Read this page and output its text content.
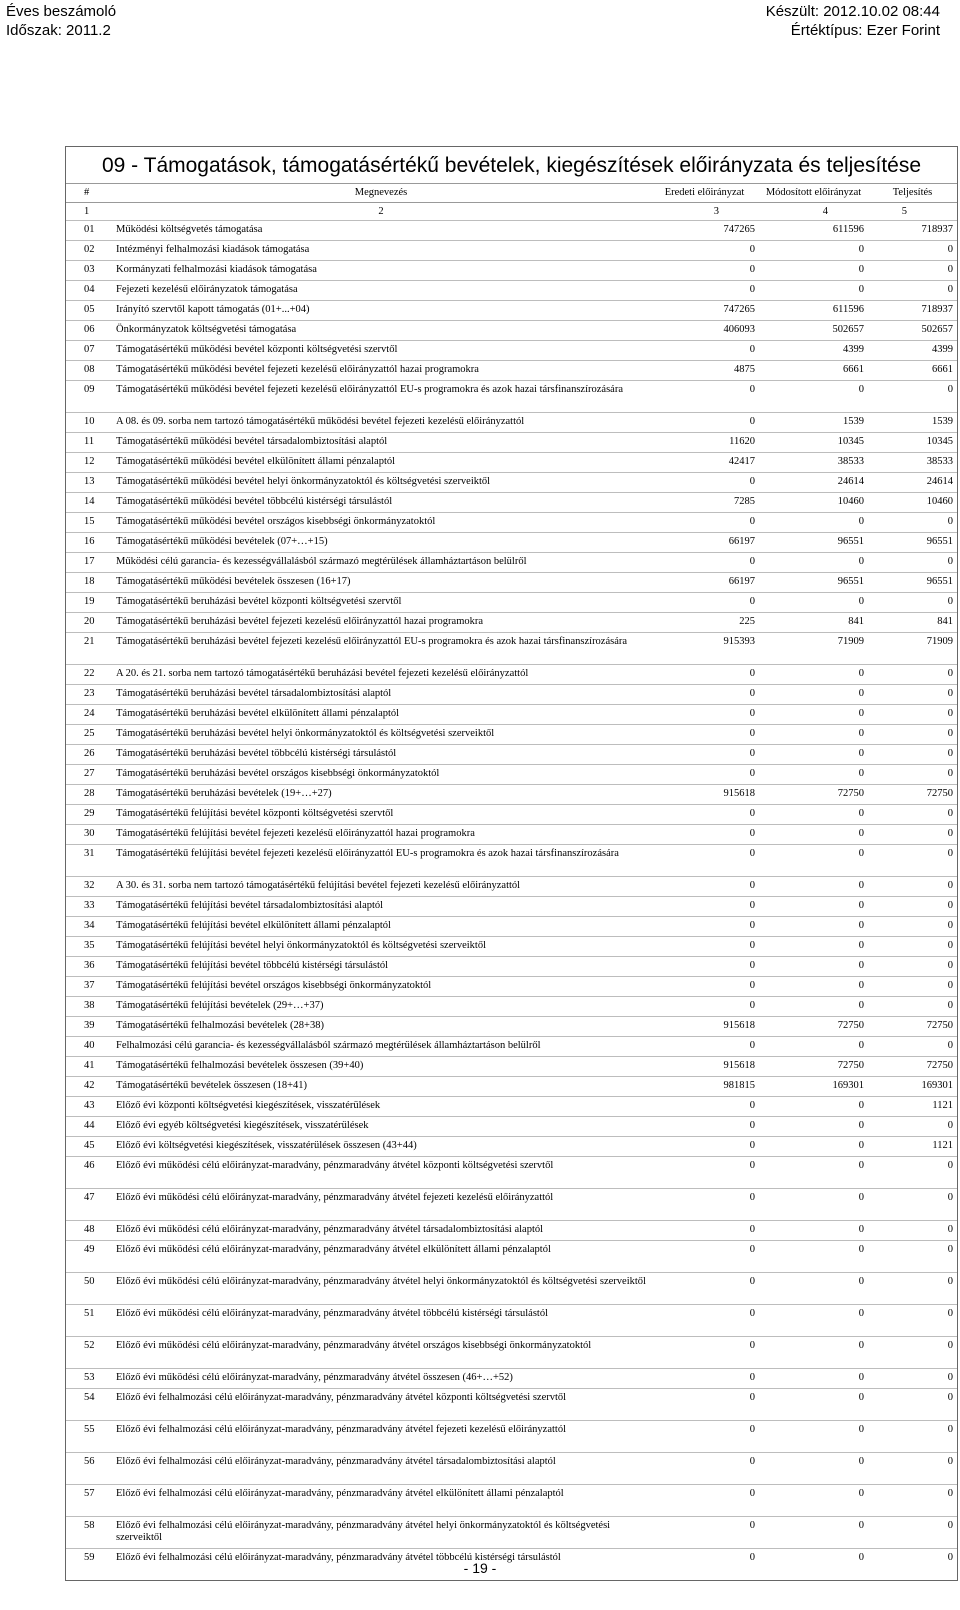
Éves beszámoló
Időszak: 2011.2
Készült: 2012.10.02 08:44
Értéktípus: Ezer Forint
09 - Támogatások, támogatásértékű bevételek, kiegészítések előirányzata és teljesítése
#	Megnevezés	Eredeti előirányzat	Módosított előirányzat	Teljesítés
1	2	3	4	5
01	Működési költségvetés támogatása	747265	611596	718937
02	Intézményi felhalmozási kiadások támogatása	0	0	0
03	Kormányzati felhalmozási kiadások támogatása	0	0	0
04	Fejezeti kezelésű előirányzatok támogatása	0	0	0
05	Irányító szervtől kapott támogatás (01+...+04)	747265	611596	718937
06	Önkormányzatok költségvetési támogatása	406093	502657	502657
07	Támogatásértékű működési bevétel központi költségvetési szervtől	0	4399	4399
08	Támogatásértékű működési bevétel fejezeti kezelésű előirányzattól hazai programokra	4875	6661	6661
09	Támogatásértékű működési bevétel fejezeti kezelésű előirányzattól EU-s programokra és azok hazai társfinanszírozására	0	0	0
10	A 08. és 09. sorba nem tartozó támogatásértékű működési bevétel fejezeti kezelésű előirányzattól	0	1539	1539
11	Támogatásértékű működési bevétel társadalombiztosítási alaptól	11620	10345	10345
12	Támogatásértékű működési bevétel elkülönített állami pénzalaptól	42417	38533	38533
13	Támogatásértékű működési bevétel helyi önkormányzatoktól és költségvetési szerveiktől	0	24614	24614
14	Támogatásértékű működési bevétel többcélú kistérségi társulástól	7285	10460	10460
15	Támogatásértékű működési bevétel országos kisebbségi önkormányzatoktól	0	0	0
16	Támogatásértékű működési bevételek (07+…+15)	66197	96551	96551
17	Működési célú garancia- és kezességvállalásból származó megtérülések államháztartáson belülről	0	0	0
18	Támogatásértékű működési bevételek összesen (16+17)	66197	96551	96551
19	Támogatásértékű beruházási bevétel központi költségvetési szervtől	0	0	0
20	Támogatásértékű beruházási bevétel fejezeti kezelésű előirányzattól hazai programokra	225	841	841
21	Támogatásértékű beruházási bevétel fejezeti kezelésű előirányzattól EU-s programokra és azok hazai társfinanszírozására	915393	71909	71909
22	A 20. és 21. sorba nem tartozó támogatásértékű beruházási bevétel fejezeti kezelésű előirányzattól	0	0	0
23	Támogatásértékű beruházási bevétel társadalombiztosítási alaptól	0	0	0
24	Támogatásértékű beruházási bevétel elkülönített állami pénzalaptól	0	0	0
25	Támogatásértékű beruházási bevétel helyi önkormányzatoktól és költségvetési szerveiktől	0	0	0
26	Támogatásértékű beruházási bevétel többcélú kistérségi társulástól	0	0	0
27	Támogatásértékű beruházási bevétel országos kisebbségi önkormányzatoktól	0	0	0
28	Támogatásértékű beruházási bevételek (19+…+27)	915618	72750	72750
29	Támogatásértékű felújítási bevétel központi költségvetési szervtől	0	0	0
30	Támogatásértékű felújítási bevétel fejezeti kezelésű előirányzattól hazai programokra	0	0	0
31	Támogatásértékű felújítási bevétel fejezeti kezelésű előirányzattól EU-s programokra és azok hazai társfinanszírozására	0	0	0
32	A 30. és 31. sorba nem tartozó támogatásértékű felújítási bevétel fejezeti kezelésű előirányzattól	0	0	0
33	Támogatásértékű felújítási bevétel társadalombiztosítási alaptól	0	0	0
34	Támogatásértékű felújítási bevétel elkülönített állami pénzalaptól	0	0	0
35	Támogatásértékű felújítási bevétel helyi önkormányzatoktól és költségvetési szerveiktől	0	0	0
36	Támogatásértékű felújítási bevétel többcélú kistérségi társulástól	0	0	0
37	Támogatásértékű felújítási bevétel országos kisebbségi önkormányzatoktól	0	0	0
38	Támogatásértékű felújítási bevételek (29+…+37)	0	0	0
39	Támogatásértékű felhalmozási bevételek (28+38)	915618	72750	72750
40	Felhalmozási célú garancia- és kezességvállalásból származó megtérülések államháztartáson belülről	0	0	0
41	Támogatásértékű felhalmozási bevételek összesen (39+40)	915618	72750	72750
42	Támogatásértékű bevételek összesen (18+41)	981815	169301	169301
43	Előző évi központi költségvetési kiegészítések, visszatérülések	0	0	1121
44	Előző évi egyéb költségvetési kiegészítések, visszatérülések	0	0	0
45	Előző évi költségvetési kiegészítések, visszatérülések összesen (43+44)	0	0	1121
46	Előző évi működési célú előirányzat-maradvány, pénzmaradvány átvétel központi költségvetési szervtől	0	0	0
47	Előző évi működési célú előirányzat-maradvány, pénzmaradvány átvétel fejezeti kezelésű előirányzattól	0	0	0
48	Előző évi működési célú előirányzat-maradvány, pénzmaradvány átvétel társadalombiztosítási alaptól	0	0	0
49	Előző évi működési célú előirányzat-maradvány, pénzmaradvány átvétel elkülönített állami pénzalaptól	0	0	0
50	Előző évi működési célú előirányzat-maradvány, pénzmaradvány átvétel helyi önkormányzatoktól és költségvetési szerveiktől	0	0	0
51	Előző évi működési célú előirányzat-maradvány, pénzmaradvány átvétel többcélú kistérségi társulástól	0	0	0
52	Előző évi működési célú előirányzat-maradvány, pénzmaradvány átvétel országos kisebbségi önkormányzatoktól	0	0	0
53	Előző évi működési célú előirányzat-maradvány, pénzmaradvány átvétel összesen (46+…+52)	0	0	0
54	Előző évi felhalmozási célú előirányzat-maradvány, pénzmaradvány átvétel központi költségvetési szervtől	0	0	0
55	Előző évi felhalmozási célú előirányzat-maradvány, pénzmaradvány átvétel fejezeti kezelésű előirányzattól	0	0	0
56	Előző évi felhalmozási célú előirányzat-maradvány, pénzmaradvány átvétel társadalombiztosítási alaptól	0	0	0
57	Előző évi felhalmozási célú előirányzat-maradvány, pénzmaradvány átvétel elkülönített állami pénzalaptól	0	0	0
58	Előző évi felhalmozási célú előirányzat-maradvány, pénzmaradvány átvétel helyi önkormányzatoktól és költségvetési szerveiktől	0	0	0
59	Előző évi felhalmozási célú előirányzat-maradvány, pénzmaradvány átvétel többcélú kistérségi társulástól	0	0	0
- 19 -
